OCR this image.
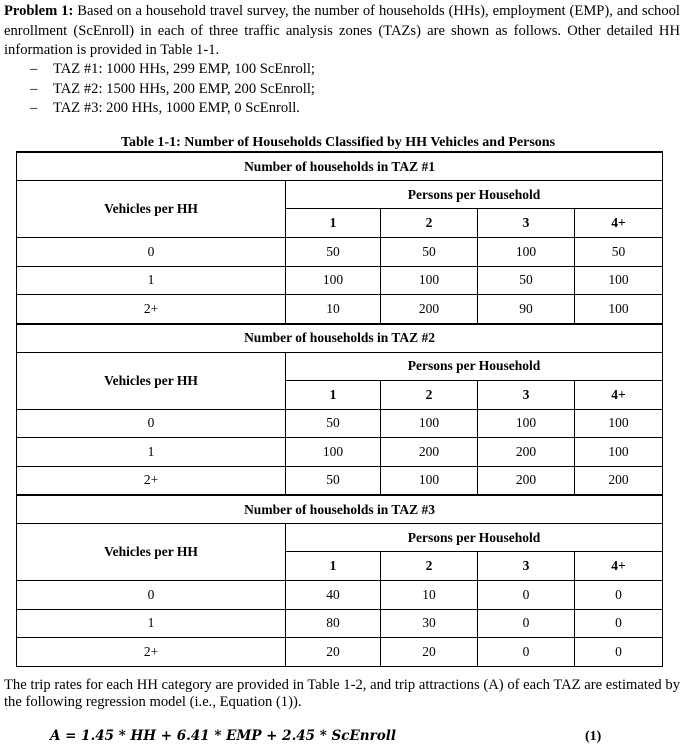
Problem 1: Based on a household travel survey, the number of households (HHs), employment (EMP), and school enrollment (ScEnroll) in each of three traffic analysis zones (TAZs) are shown as follows. Other detailed HH information is provided in Table 1-1.
– TAZ #1: 1000 HHs, 299 EMP, 100 ScEnroll;
– TAZ #2: 1500 HHs, 200 EMP, 200 ScEnroll;
– TAZ #3: 200 HHs, 1000 EMP, 0 ScEnroll.
Table 1-1: Number of Households Classified by HH Vehicles and Persons
Number of households in TAZ #1				
Vehicles per HH	Persons per Household			
	1	2	3	4+
0	50	50	100	50
1	100	100	50	100
2+	10	200	90	100
Number of households in TAZ #2				
Vehicles per HH	Persons per Household			
	1	2	3	4+
0	50	100	100	100
1	100	200	200	100
2+	50	100	200	200
Number of households in TAZ #3				
Vehicles per HH	Persons per Household			
	1	2	3	4+
0	40	10	0	0
1	80	30	0	0
2+	20	20	0	0
The trip rates for each HH category are provided in Table 1-2, and trip attractions (A) of each TAZ are estimated by the following regression model (i.e., Equation (1)).
A = 1.45 * HH + 6.41 * EMP + 2.45 * ScEnroll	(1)
